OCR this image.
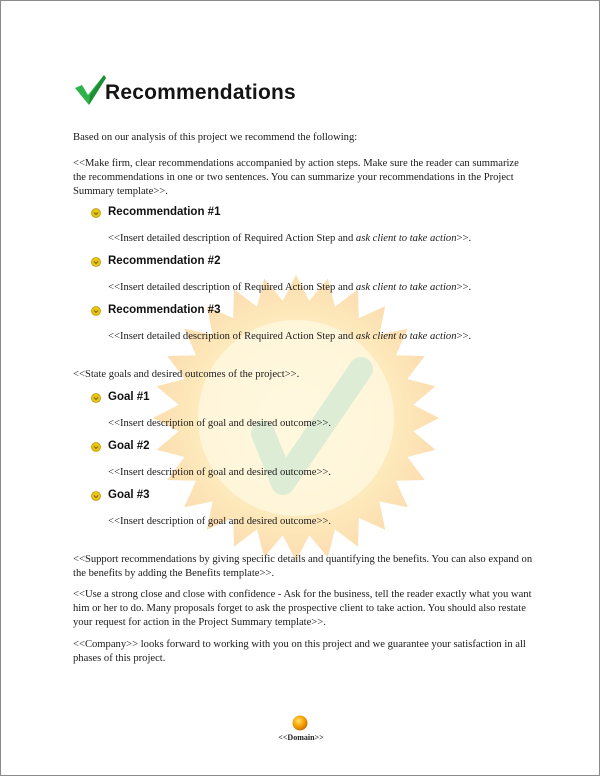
Recommendations
Based on our analysis of this project we recommend the following:
<<Make firm, clear recommendations accompanied by action steps. Make sure the reader can summarize the recommendations in one or two sentences. You can summarize your recommendations in the Project Summary template>>.
Recommendation #1
<<Insert detailed description of Required Action Step and ask client to take action>>.
Recommendation #2
<<Insert detailed description of Required Action Step and ask client to take action>>.
Recommendation #3
<<Insert detailed description of Required Action Step and ask client to take action>>.
<<State goals and desired outcomes of the project>>.
Goal #1
<<Insert description of goal and desired outcome>>.
Goal #2
<<Insert description of goal and desired outcome>>.
Goal #3
<<Insert description of goal and desired outcome>>.
<<Support recommendations by giving specific details and quantifying the benefits. You can also expand on the benefits by adding the Benefits template>>.
<<Use a strong close and close with confidence - Ask for the business, tell the reader exactly what you want him or her to do. Many proposals forget to ask the prospective client to take action. You should also restate your request for action in the Project Summary template>>.
<<Company>> looks forward to working with you on this project and we guarantee your satisfaction in all phases of this project.
<<Domain>>
